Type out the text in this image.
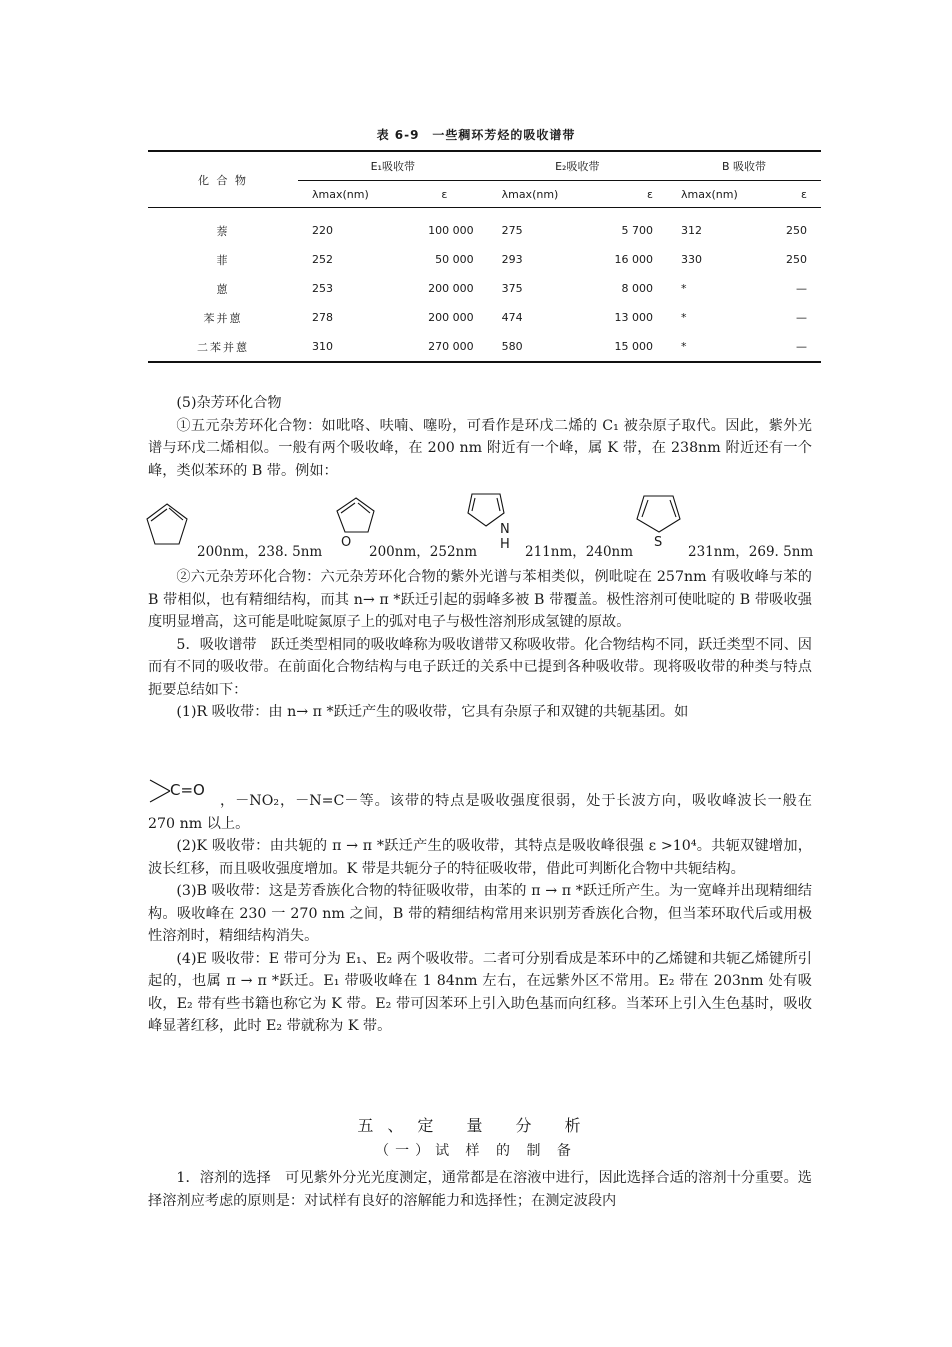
表 6-9　一些稠环芳烃的吸收谱带
化 合 物	E₁吸收带		E₂吸收带		B 吸收带	
	λmax(nm)	ε	λmax(nm)	ε	λmax(nm)	ε
萘	220	100 000	275	5 700	312	250
菲	252	50 000	293	16 000	330	250
蒽	253	200 000	375	8 000	*	—
苯并蒽	278	200 000	474	13 000	*	—
二苯并蒽	310	270 000	580	15 000	*	—

(5)杂芳环化合物

①五元杂芳环化合物：如吡咯、呋喃、噻吩，可看作是环戊二烯的 C₁ 被杂原子取代。因此，紫外光谱与环戊二烯相似。一般有两个吸收峰，在 200 nm 附近有一个峰，属 K 带，在 238nm 附近还有一个峰，类似苯环的 B 带。例如：

O
N
H	S
200nm，238. 5nm	200nm，252nm	211nm，240nm	231nm，269. 5nm

②六元杂芳环化合物：六元杂芳环化合物的紫外光谱与苯相类似，例吡啶在 257nm 有吸收峰与苯的 B 带相似，也有精细结构，而其 n→ π *跃迁引起的弱峰多被 B 带覆盖。极性溶剂可使吡啶的 B 带吸收强度明显增高，这可能是吡啶氮原子上的弧对电子与极性溶剂形成氢键的原故。

5．吸收谱带　跃迁类型相同的吸收峰称为吸收谱带又称吸收带。化合物结构不同，跃迁类型不同、因而有不同的吸收带。在前面化合物结构与电子跃迁的关系中已提到各种吸收带。现将吸收带的种类与特点扼要总结如下：

(1)R 吸收带：由 n→ π *跃迁产生的吸收带，它具有杂原子和双键的共轭基团。如

C=O

，－NO₂，－N=C－等。该带的特点是吸收强度很弱，处于长波方向，吸收峰波长一般在 270 nm 以上。

(2)K 吸收带：由共轭的 π → π *跃迁产生的吸收带，其特点是吸收峰很强 ε >10⁴。共轭双键增加，波长红移，而且吸收强度增加。K 带是共轭分子的特征吸收带，借此可判断化合物中共轭结构。

(3)B 吸收带：这是芳香族化合物的特征吸收带，由苯的 π → π *跃迁所产生。为一宽峰并出现精细结构。吸收峰在 230 一 270 nm 之间，B 带的精细结构常用来识别芳香族化合物，但当苯环取代后或用极性溶剂时，精细结构消失。

(4)E 吸收带：E 带可分为 E₁、E₂ 两个吸收带。二者可分别看成是苯环中的乙烯键和共轭乙烯键所引起的，也属 π → π *跃迁。E₁ 带吸收峰在 1 84nm 左右，在远紫外区不常用。E₂ 带在 203nm 处有吸收，E₂ 带有些书籍也称它为 K 带。E₂ 带可因苯环上引入助色基而向红移。当苯环上引入生色基时，吸收峰显著红移，此时 E₂ 带就称为 K 带。

五、定 量 分 析
（一）试 样 的 制 备

1．溶剂的选择　可见紫外分光光度测定，通常都是在溶液中进行，因此选择合适的溶剂十分重要。选择溶剂应考虑的原则是：对试样有良好的溶解能力和选择性；在测定波段内
